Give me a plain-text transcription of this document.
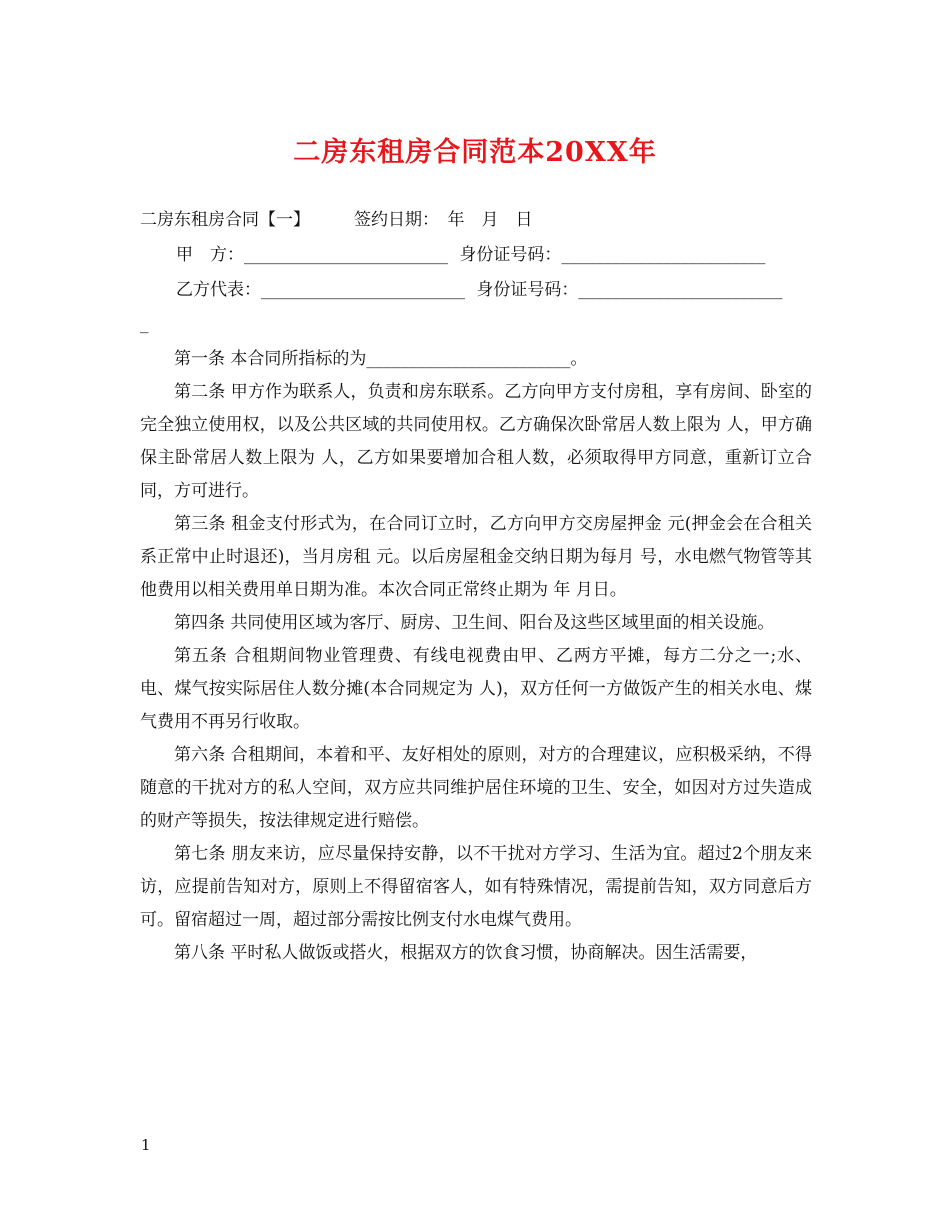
二房东租房合同范本20XX年
二房东租房合同【一】	签约日期：　年　月　日
甲　方：________________________ 身份证号码：________________________
乙方代表：________________________ 身份证号码：________________________
_

第一条 本合同所指标的为________________________。

第二条 甲方作为联系人，负责和房东联系。乙方向甲方支付房租，享有房间、卧室的完全独立使用权，以及公共区域的共同使用权。乙方确保次卧常居人数上限为 人，甲方确保主卧常居人数上限为 人，乙方如果要增加合租人数，必须取得甲方同意，重新订立合同，方可进行。

第三条 租金支付形式为，在合同订立时，乙方向甲方交房屋押金 元(押金会在合租关系正常中止时退还)，当月房租 元。以后房屋租金交纳日期为每月 号，水电燃气物管等其他费用以相关费用单日期为准。本次合同正常终止期为 年 月日。

第四条 共同使用区域为客厅、厨房、卫生间、阳台及这些区域里面的相关设施。

第五条 合租期间物业管理费、有线电视费由甲、乙两方平摊，每方二分之一;水、电、煤气按实际居住人数分摊(本合同规定为 人)，双方任何一方做饭产生的相关水电、煤气费用不再另行收取。

第六条 合租期间，本着和平、友好相处的原则，对方的合理建议，应积极采纳，不得随意的干扰对方的私人空间，双方应共同维护居住环境的卫生、安全，如因对方过失造成的财产等损失，按法律规定进行赔偿。

第七条 朋友来访，应尽量保持安静，以不干扰对方学习、生活为宜。超过2个朋友来访，应提前告知对方，原则上不得留宿客人，如有特殊情况，需提前告知，双方同意后方可。留宿超过一周，超过部分需按比例支付水电煤气费用。

第八条 平时私人做饭或搭火，根据双方的饮食习惯，协商解决。因生活需要，

1
